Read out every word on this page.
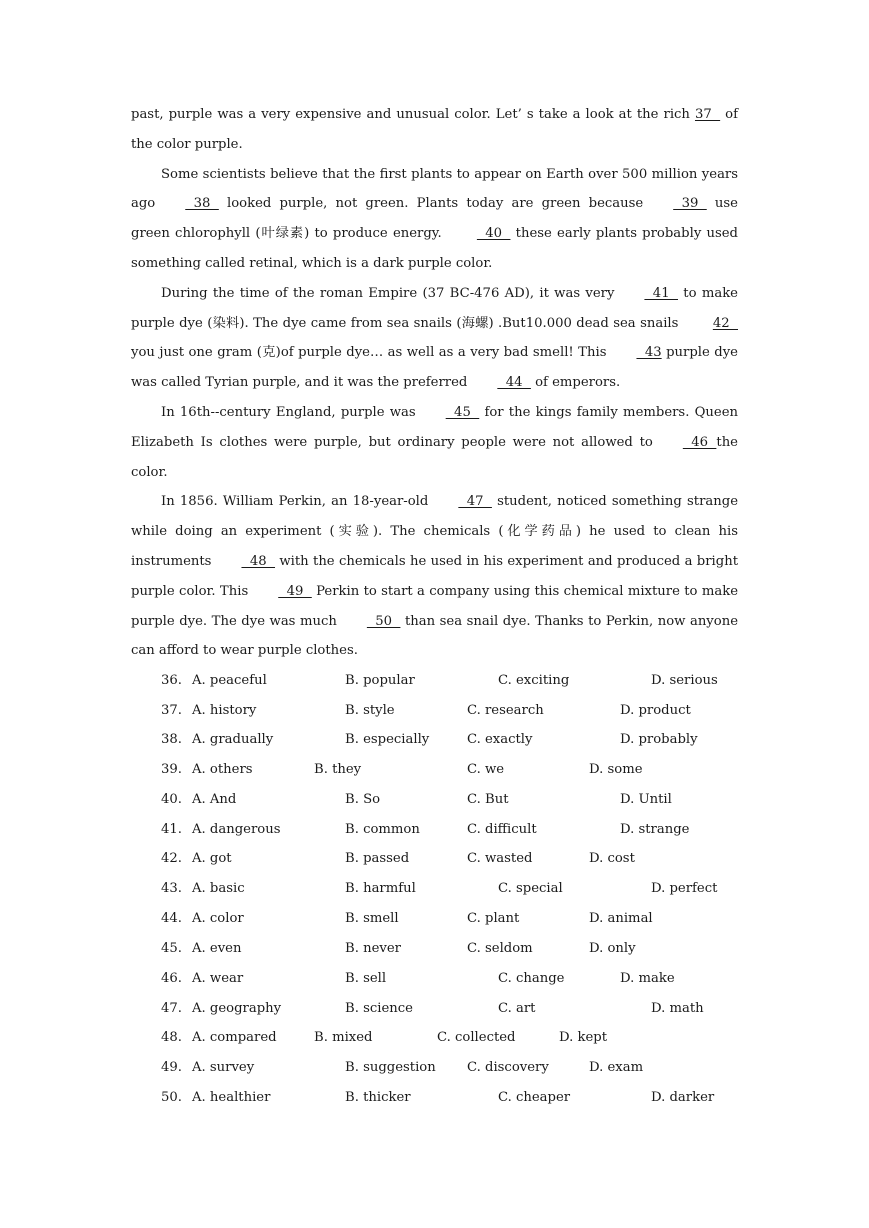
past, purple was a very expensive and unusual color. Let’ s take a look at the rich 37   of the color purple.

Some scientists believe that the first plants to appear on Earth over 500 million years ago  38   looked purple, not green. Plants today are green because  39   use green chlorophyll (叶绿素) to produce energy.   40   these early plants probably used something called retinal, which is a dark purple color.

During the time of the roman Empire (37 BC-476 AD), it was very  41   to make purple dye (染料). The dye came from sea snails (海螺) .But10.000 dead sea snails 42   you just one gram (克)of purple dye… as well as a very bad smell! This  43 purple dye was called Tyrian purple, and it was the preferred  44   of emperors.

In 16th--century England, purple was  45   for the kings family members. Queen Elizabeth Is clothes were purple, but ordinary people were not allowed to  46  the color.

In 1856. William Perkin, an 18-year-old  47   student, noticed something strange while doing an experiment (实验). The chemicals (化学药品) he used to clean his instruments  48   with the chemicals he used in his experiment and produced a bright purple color. This  49   Perkin to start a company using this chemical mixture to make purple dye. The dye was much  50   than sea snail dye. Thanks to Perkin, now anyone can afford to wear purple clothes.

36. A. peaceful	B. popular	C. exciting	D. serious
37. A. history	B. style	C. research	D. product
38. A. gradually	B. especially	C. exactly	D. probably
39. A. others	B. they	C. we	D. some
40. A. And	B. So	C. But	D. Until
41. A. dangerous	B. common	C. difficult	D. strange
42. A. got	B. passed	C. wasted	D. cost
43. A. basic	B. harmful	C. special	D. perfect
44. A. color	B. smell	C. plant	D. animal
45. A. even	B. never	C. seldom	D. only
46. A. wear	B. sell	C. change	D. make
47. A. geography	B. science	C. art	D. math
48. A. compared	B. mixed	C. collected	D. kept
49. A. survey	B. suggestion C. discovery	D. exam
50. A. healthier	B. thicker	C. cheaper	D. darker
